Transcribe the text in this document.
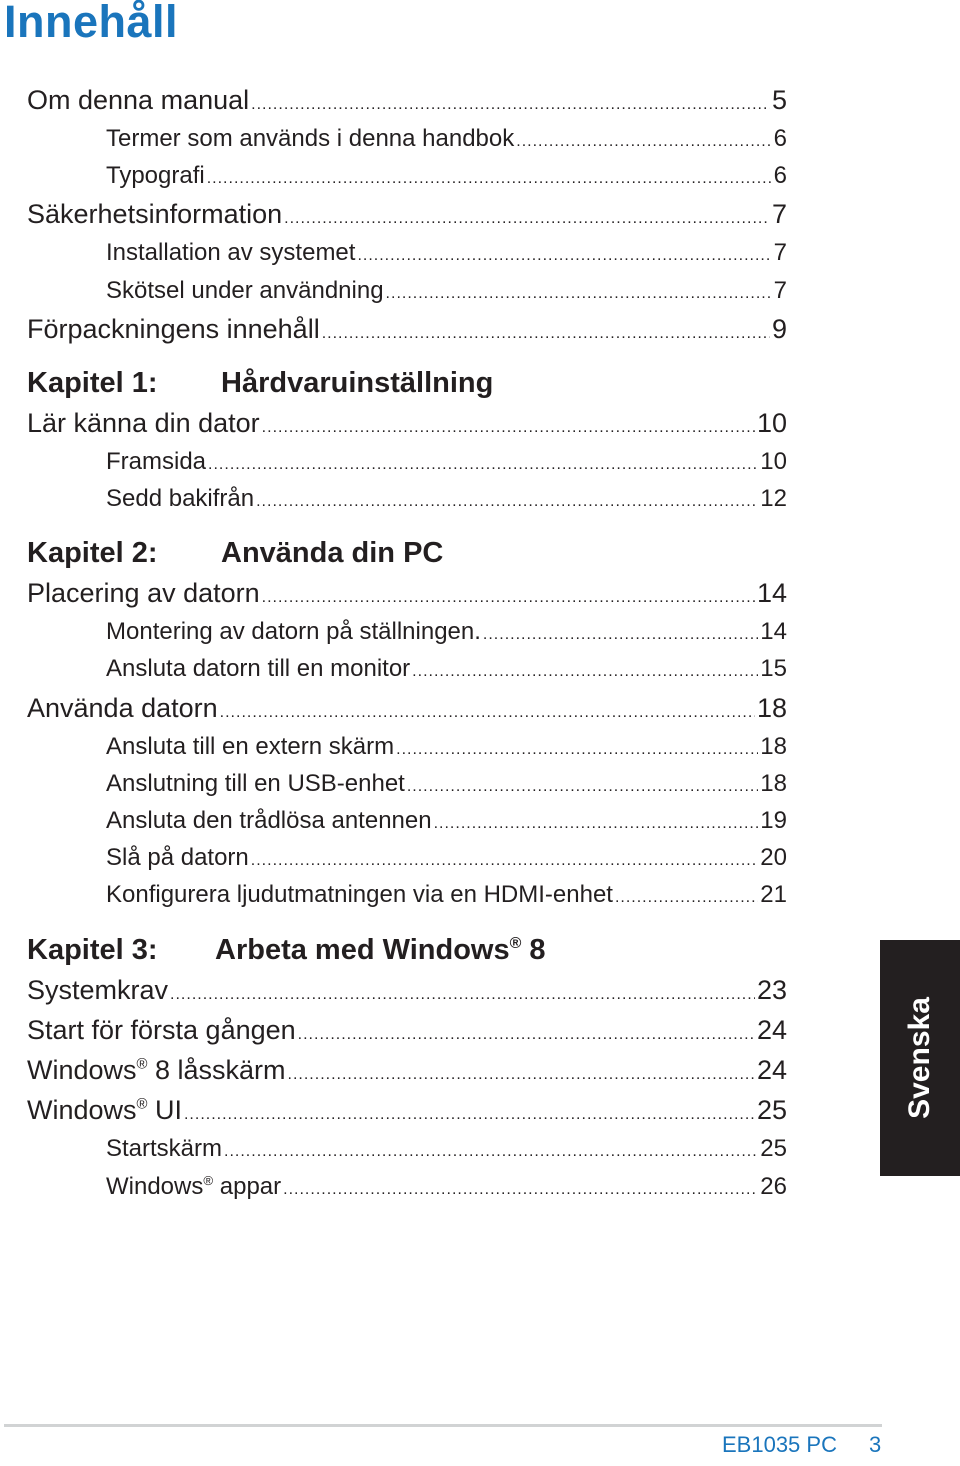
Innehåll
Om denna manual .....	5
Termer som används i denna handbok .....	6
Typografi .....	6
Säkerhetsinformation .....	7
Installation av systemet .....	7
Skötsel under användning .....	7
Förpackningens innehåll .....	9
Kapitel 1:	Hårdvaruinställning
Lär känna din dator .....	10
Framsida .....	10
Sedd bakifrån .....	12
Kapitel 2:	Använda din PC
Placering av datorn .....	14
Montering av datorn på ställningen. .....	14
Ansluta datorn till en monitor .....	15
Använda datorn .....	18
Ansluta till en extern skärm .....	18
Anslutning till en USB-enhet .....	18
Ansluta den trådlösa antennen .....	19
Slå på datorn .....	20
Konfigurera ljudutmatningen via en HDMI-enhet .....	21
Kapitel 3:	Arbeta med Windows® 8
Systemkrav .....	23
Start för första gången .....	24
Windows® 8 låsskärm .....	24
Windows® UI .....	25
Startskärm .....	25
Windows® appar .....	26
Svenska
EB1035 PC 3
